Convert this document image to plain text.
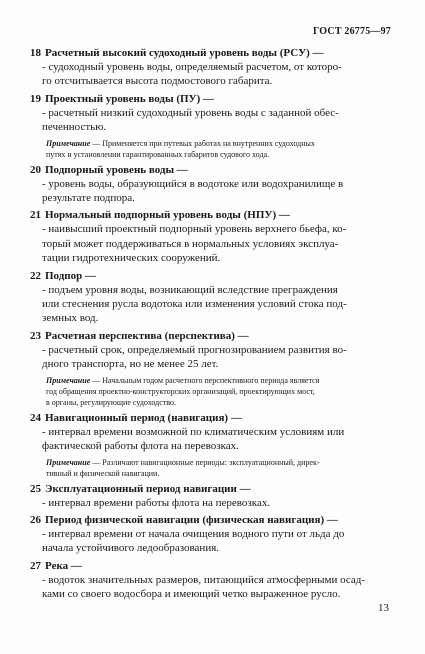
ГОСТ 26775—97
18 Расчетный высокий судоходный уровень воды (РСУ) —
- судоходный уровень воды, определяемый расчетом, от которо-
го отсчитывается высота подмостового габарита.
19 Проектный уровень воды (ПУ) —
- расчетный низкий судоходный уровень воды с заданной обес-
печенностью.
Примечание — Применяется при путевых работах на внутренних судоходных
путях и установлении гарантированных габаритов судового хода.
20 Подпорный уровень воды —
- уровень воды, образующийся в водотоке или водохранилище в
результате подпора.
21 Нормальный подпорный уровень воды (НПУ) —
- наивысший проектный подпорный уровень верхнего бьефа, ко-
торый может поддерживаться в нормальных условиях эксплуа-
тации гидротехнических сооружений.
22 Подпор —
- подъем уровня воды, возникающий вследствие преграждения
или стеснения русла водотока или изменения условий стока под-
земных вод.
23 Расчетная перспектива (перспектива) —
- расчетный срок, определяемый прогнозированием развития во-
дного транспорта, но не менее 25 лет.
Примечание — Начальным годом расчетного перспективного периода является
год обращения проектно-конструкторских организаций, проектирующих мост,
в органы, регулирующие судоходство.
24 Навигационный период (навигация) —
- интервал времени возможной по климатическим условиям или
фактической работы флота на перевозках.
Примечание — Различают навигационные периоды: эксплуатационный, дирек-
тивный и физической навигации.
25 Эксплуатационный период навигации —
- интервал времени работы флота на перевозках.
26 Период физической навигации (физическая навигация) —
- интервал времени от начала очищения водного пути от льда до
начала устойчивого ледообразования.
27 Река —
- водоток значительных размеров, питающийся атмосферными осад-
ками со своего водосбора и имеющий четко выраженное русло.
13
